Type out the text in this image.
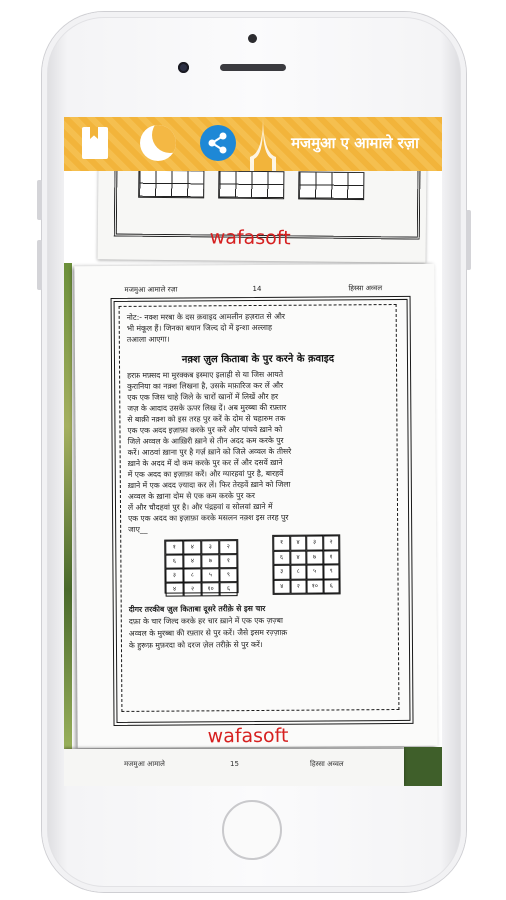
wafasoft
मजमुआ आमाले रज़ा	14	हिस्सा अव्वल
नोट:- नक्श मरबा के दस क़वाइद आमलीन हज़रात से और
भी मंकूल हैं। जिनका बयान जिल्द दो में इन्शा अल्लाह
तआला आएगा।
नक़्श ज़ुल किताबा के पुर करने के क़वाइद
हरफ़ मफ़्सद मा मुरक्कब इस्माए इलाही से या जिस आयते
कुरानिया का नक़्श लिखना है, उसके मफ़ारिज कर लें और
एक एक जिस चाहे जिले के चारों खानों में लिखें और हर
जज़ के आदाद उसके ऊपर लिख दें। अब मुरब्बा की रफ़्तार
से बाक़ी नक़्श को इस तरह पुर करें के दोम से चहारुम तक
एक एक अदद इज़ाफ़ा करके पुर करें और पांचवे ख़ाने को
जिले अव्वल के आख़िरी ख़ाने से तीन अदद कम करके पुर
करें। आठवां ख़ाना पुर है गर्ज़ ख़ाने को जिले अव्वल के तीसरे
ख़ाने के अदद में दो कम करके पुर कर लें और दसवें ख़ाने
में एक अदद का इज़ाफ़ा करें। और ग्यारहवां पुर है, बारहवें
ख़ाने में एक अदद ज़्यादा कर लें। फिर तेरहवें ख़ाने को जिला
अव्वल के ख़ाना दोम से एक कम करके पुर कर
लें और चौदहवां पुर है। और पंद्रहवां व सोलवां ख़ाने में
एक एक अदद का इज़ाफ़ा करके मसलन नक़्श इस तरह पुर
जाए__
१	४	३	२
६	४	७	१
३	८	५	९
४	२	१०	६
१	४	३	२
६	४	७	१
३	८	५	९
४	२	१०	६
दीगर तरकीब ज़ुल किताबा दूसरे तरीक़े से इस चार
दफ़ा के चार जिल्द करके हर चार ख़ाने में एक एक ज़ज़्बा
अव्वल के मुरब्बा की रफ़्तार से पुर करें। जैसे इसम रज़्ज़ाक़
के हुरूफ़ मुफ़रदा को दरज ज़ेल तरीक़े से पुर करें।
wafasoft
मजमुआ आमाले	15	हिस्सा अव्वल
मजमुआ ए आमाले रज़ा
